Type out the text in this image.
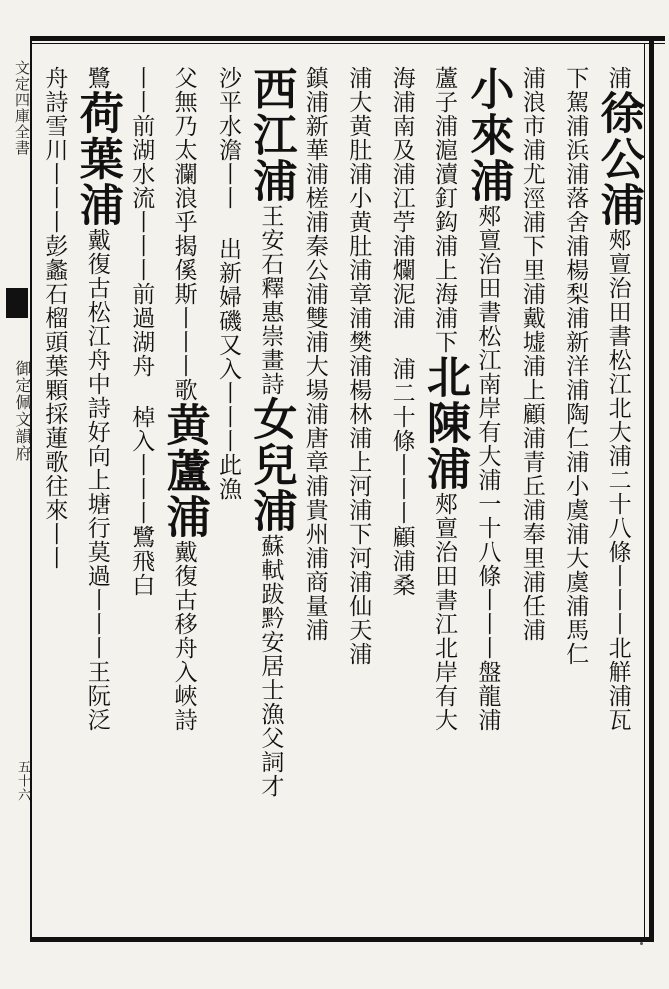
文定四庫全書
御定佩文韻府
五十六
浦徐公浦郟亶治田書松江北大浦二十八條丨丨丨北觧浦瓦
下駕浦浜浦落舍浦楊梨浦新洋浦陶仁浦小虞浦大虞浦馬仁
浦浪市浦尤涇浦下里浦戴墟浦上顧浦青丘浦奉里浦任浦
小來浦郟亶治田書松江南岸有大浦一十八條丨丨丨盤龍浦
蘆子浦滬瀆釘鈎浦上海浦下北陳浦郟亶治田書江北岸有大
海浦南及浦江苧浦爛泥浦 浦二十條丨丨丨顧浦桑
浦大黄肚浦小黄肚浦章浦樊浦楊林浦上河浦下河浦仙天浦
鎮浦新華浦槎浦秦公浦雙浦大場浦唐章浦貴州浦商量浦
西江浦王安石釋惠崇畫詩女兒浦蘇軾跋黔安居士漁父詞才
沙平水澹丨丨 出新婦磯又入丨丨丨此漁
父無乃太瀾浪乎揭傒斯丨丨丨歌黄蘆浦戴復古移舟入峽詩
丨丨前湖水流丨丨丨前過湖舟 棹入丨丨丨鷺飛白
鷺荷葉浦戴復古松江舟中詩好向上塘行莫過丨丨丨王阮泛
舟詩雪川丨丨丨彭蠡石榴頭葉顆採蓮歌往來丨丨
